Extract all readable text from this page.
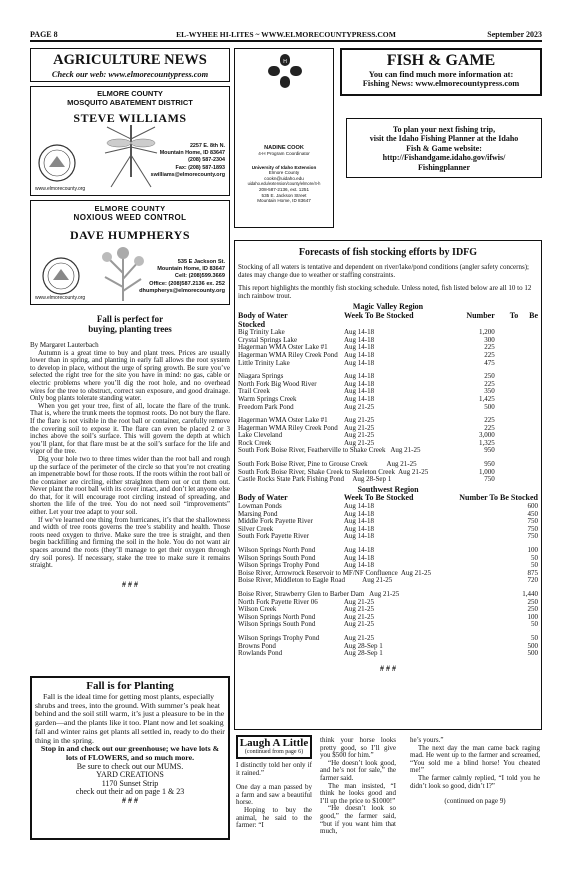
PAGE 8	EL-WYHEE HI-LITES ~ WWW.ELMORECOUNTYPRESS.COM	September 2023
AGRICULTURE NEWS
Check our web: www.elmorecountypress.com
ELMORE COUNTY
MOSQUITO ABATEMENT DISTRICT
STEVE WILLIAMS
2257 E. 8th N.
Mountain Home, ID 83647
(208) 587-2304
Fax: (208) 587-1893
swilliams@elmorecounty.org
www.elmorecounty.org
ELMORE COUNTY
NOXIOUS WEED CONTROL
DAVE HUMPHERYS
535 E Jackson St.
Mountain Home, ID 83647
Cell: (208)599.3669
Office: (208)587.2136 ex. 252
dhumpherys@elmorecounty.org
www.elmorecounty.org
H
NADINE COOK
4-H Program Coordinator
University of Idaho Extension
Elmore County
cookn@uidaho.edu
uidaho.edu/extension/county/elmore/4-h
208-587-2136, ext. 1251
535 E. Jackson Street
Mountain Home, ID 83647
FISH & GAME
You can find much more information at:
Fishing News: www.elmorecountypress.com
To plan your next fishing trip,
visit the Idaho Fishing Planner at the Idaho
Fish & Game website:
http://Fishandgame.idaho.gov/ifwis/
Fishingplanner
Forecasts of fish stocking efforts by IDFG
Stocking of all waters is tentative and dependent on river/lake/pond conditions (angler safety concerns); dates may change due to weather or staffing constraints.
This report highlights the monthly fish stocking schedule. Unless noted, fish listed below are all 10 to 12 inch rainbow trout.
Magic Valley Region				
Body of Water	Week To Be Stocked	Number	To	Be
Stocked				
Big Trinity Lake	Aug 14-18	1,200		
Crystal Springs Lake	Aug 14-18	300		
Hagerman WMA Oster Lake #1	Aug 14-18	225		
Hagerman WMA Riley Creek Pond	Aug 14-18	225		
Little Trinity Lake	Aug 14-18	475		

Niagara Springs	Aug 14-18	250		
North Fork Big Wood River	Aug 14-18	225		
Trail Creek	Aug 14-18	350		
Warm Springs Creek	Aug 14-18	1,425		
Freedom Park Pond	Aug 21-25	500		

Hagerman WMA Oster Lake #1	Aug 21-25	225		
Hagerman WMA Riley Creek Pond	Aug 21-25	225		
Lake Cleveland	Aug 21-25	3,000		
Rock Creek	Aug 21-25	1,325		
South Fork Boise River, Featherville to Shake Creek   Aug 21-25		950		

South Fork Boise River, Pine to Grouse Creek           Aug 21-25		950		
South Fork Boise River, Shake Creek to Skeleton Creek  Aug 21-25		1,000		
Castle Rocks State Park Fishing Pond     Aug 28-Sep 1		750		
Southwest Region		
Body of Water	Week To Be Stocked	Number To Be Stocked
Lowman Ponds	Aug 14-18	600
Marsing Pond	Aug 14-18	450
Middle Fork Payette River	Aug 14-18	750
Silver Creek	Aug 14-18	750
South Fork Payette River	Aug 14-18	750

Wilson Springs North Pond	Aug 14-18	100
Wilson Springs South Pond	Aug 14-18	50
Wilson Springs Trophy Pond	Aug 14-18	50
Boise River, Arrowrock Reservoir to MF/NF Confluence  Aug 21-25		875
Boise River, Middleton to Eagle Road          Aug 21-25		720

Boise River, Strawberry Glen to Barber Dam   Aug 21-25		1,440
North Fork Payette River 06	Aug 21-25	250
Wilson Creek	Aug 21-25	250
Wilson Springs North Pond	Aug 21-25	100
Wilson Springs South Pond	Aug 21-25	50

Wilson Springs Trophy Pond	Aug 21-25	50
Browns Pond	Aug 28-Sep 1	500
Rowlands Pond	Aug 28-Sep 1	500
# # #
Fall is perfect for
buying, planting trees
By Margaret Lauterbach
Autumn is a great time to buy and plant trees. Prices are usually lower than in spring, and planting in early fall allows the root system to develop in place, without the urge of spring growth. Be sure you’ve selected the right tree for the site you have in mind: no gas, cable or electric problems where you’ll dig the root hole, and no overhead wires for the tree to obstruct, correct sun exposure, and good drainage. Only bog plants tolerate standing water.
When you get your tree, first of all, locate the flare of the trunk. That is, where the trunk meets the topmost roots. Do not bury the flare. If the flare is not visible in the root ball or container, carefully remove the covering soil to expose it. The flare can even be placed 2 or 3 inches above the soil’s surface. This will govern the depth at which you’ll plant, for that flare must be at the soil’s surface for the life and vigor of the tree.
Dig your hole two to three times wider than the root ball and rough up the surface of the perimeter of the circle so that you’re not creating an impenetrable bowl for those roots. If the roots within the root ball or the container are circling, either straighten them out or cut them out. Never plant the root ball with its cover intact, and don’t let anyone else do that, for it will encourage root circling instead of spreading, and shorten the life of the tree. You do not need soil “improvements” either. Let your tree adapt to your soil.
If we’ve learned one thing from hurricanes, it’s that the shallowness and width of tree roots governs the tree’s stability and health. Those roots need oxygen to thrive. Make sure the tree is straight, and then begin backfilling and firming the soil in the hole. You do not want air spaces around the roots (they’ll manage to get their oxygen through dry soil pores). If necessary, stake the tree to make sure it remains straight.
# # #
Fall is for Planting
Fall is the ideal time for getting most plants, especially shrubs and trees, into the ground. With summer’s peak heat behind and the soil still warm, it’s just a pleasure to be in the garden—and the plants like it too. Plant now and let soaking fall and winter rains get plants all settled in, ready to do their thing in the spring.
Stop in and check out our greenhouse; we have lots & lots of FLOWERS, and so much more.
Be sure to check out our MUMS.
YARD CREATIONS
1170 Sunset Strip
check out their ad on page 1 & 23
# # #
Laugh A Little
(continued from page 6)
I distinctly told her only if it rained.”
One day a man passed by a farm and saw a beautiful horse.
Hoping to buy the animal, he said to the farmer: “I
think your horse looks pretty good, so I’ll give you $500 for him.”
“He doesn’t look good, and he’s not for sale,” the farmer said.
The man insisted, “I think he looks good and I’ll up the price to $1000!”
“He doesn’t look so good,” the farmer said, “but if you want him that much,
he’s yours.”
The next day the man came back raging mad. He went up to the farmer and screamed, “You sold me a blind horse! You cheated me!”
The farmer calmly replied, “I told you he didn’t look so good, didn’t I?”
(continued on page 9)
